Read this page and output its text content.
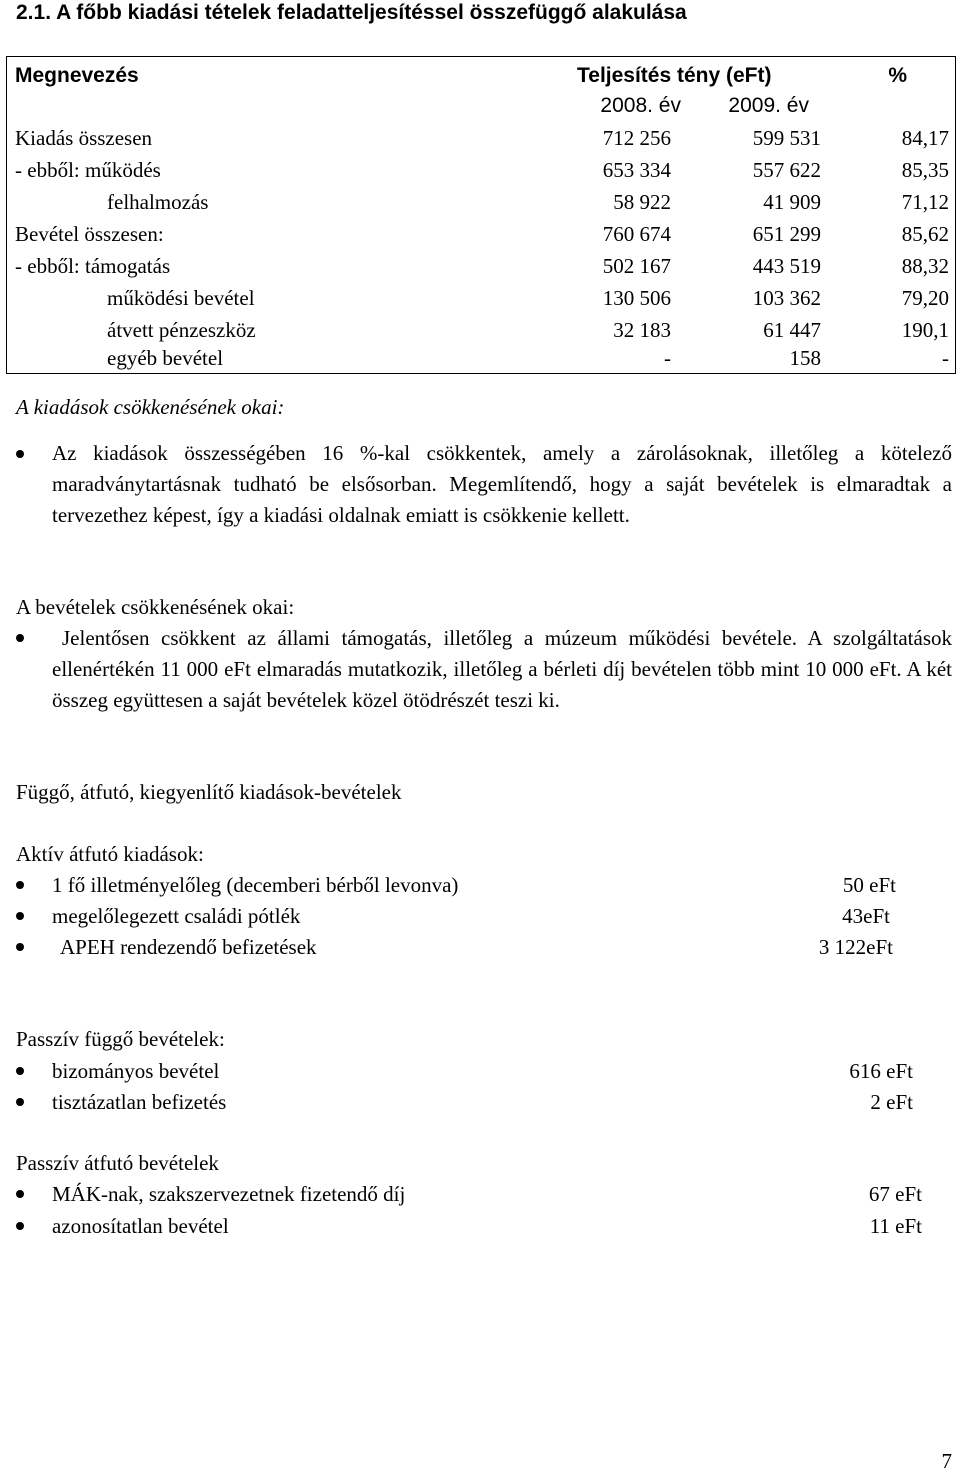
2.1. A főbb kiadási tételek feladatteljesítéssel összefüggő alakulása
Megnevezés	Teljesítés tény (eFt)	%
2008. év 2009. év
Kiadás összesen	712 256	599 531	84,17
- ebből: működés	653 334	557 622	85,35
felhalmozás	58 922	41 909	71,12
Bevétel összesen:	760 674	651 299	85,62
- ebből: támogatás	502 167	443 519	88,32
működési bevétel	130 506	103 362	79,20
átvett pénzeszköz	32 183	61 447	190,1
egyéb bevétel	-	158	-
A kiadások csökkenésének okai:

Az kiadások összességében 16 %-kal csökkentek, amely a zárolásoknak, illetőleg a kötelező maradványtartásnak tudható be elsősorban. Megemlítendő, hogy a saját bevételek is elmaradtak a tervezethez képest, így a kiadási oldalnak emiatt is csökkenie kellett.

A bevételek csökkenésének okai:

Jelentősen csökkent az állami támogatás, illetőleg a múzeum működési bevétele. A szolgáltatások ellenértékén 11 000 eFt elmaradás mutatkozik, illetőleg a bérleti díj bevételen több mint 10 000 eFt. A két összeg együttesen a saját bevételek közel ötödrészét teszi ki.

Függő, átfutó, kiegyenlítő kiadások-bevételek
Aktív átfutó kiadások:
1 fő illetményelőleg (decemberi bérből levonva)	50 eFt
megelőlegezett családi pótlék	43eFt
APEH rendezendő befizetések	3 122eFt
Passzív függő bevételek:
bizományos bevétel	616 eFt
tisztázatlan befizetés	2 eFt
Passzív átfutó bevételek
MÁK-nak, szakszervezetnek fizetendő díj	67 eFt
azonosítatlan bevétel	11 eFt
7
